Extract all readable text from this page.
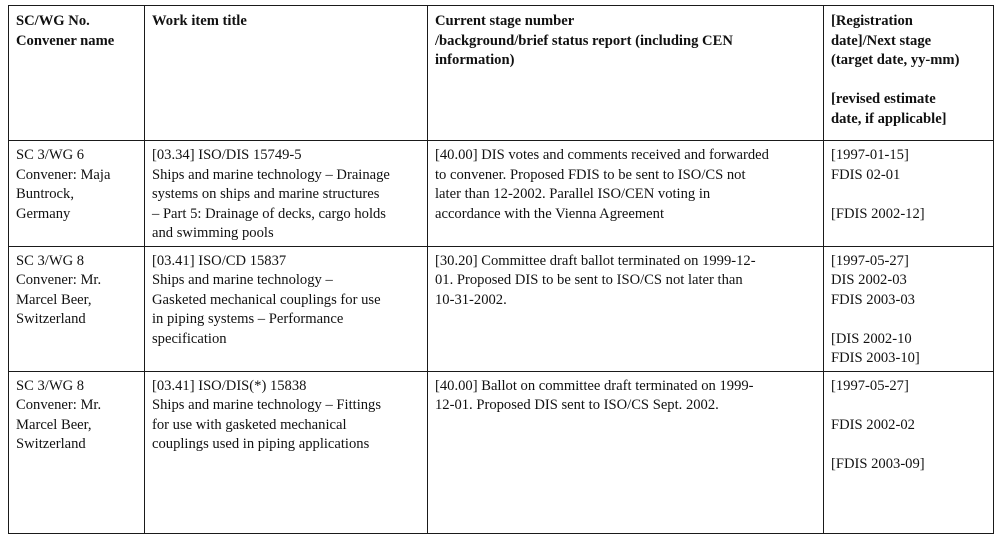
SC/WG No.
Convener name	Work item title	Current stage number
/background/brief status report (including CEN
information)	[Registration
date]/Next stage
(target date, yy-mm)
[revised estimate
date, if applicable]

SC 3/WG 6
Convener: Maja
Buntrock,
Germany	[03.34] ISO/DIS 15749-5
Ships and marine technology – Drainage
systems on ships and marine structures
– Part 5: Drainage of decks, cargo holds
and swimming pools	[40.00] DIS votes and comments received and forwarded
to convener. Proposed FDIS to be sent to ISO/CS not
later than 12-2002. Parallel ISO/CEN voting in
accordance with the Vienna Agreement	[1997-01-15]
FDIS 02-01
[FDIS 2002-12]

SC 3/WG 8
Convener: Mr.
Marcel Beer,
Switzerland	[03.41] ISO/CD 15837
Ships and marine technology –
Gasketed mechanical couplings for use
in piping systems – Performance
specification	[30.20] Committee draft ballot terminated on 1999-12-
01. Proposed DIS to be sent to ISO/CS not later than
10-31-2002.	[1997-05-27]
DIS 2002-03
FDIS 2003-03
[DIS 2002-10
FDIS 2003-10]

SC 3/WG 8
Convener: Mr.
Marcel Beer,
Switzerland	[03.41] ISO/DIS(*) 15838
Ships and marine technology – Fittings
for use with gasketed mechanical
couplings used in piping applications	[40.00] Ballot on committee draft terminated on 1999-
12-01. Proposed DIS sent to ISO/CS Sept. 2002.	[1997-05-27]
FDIS 2002-02
[FDIS 2003-09]
